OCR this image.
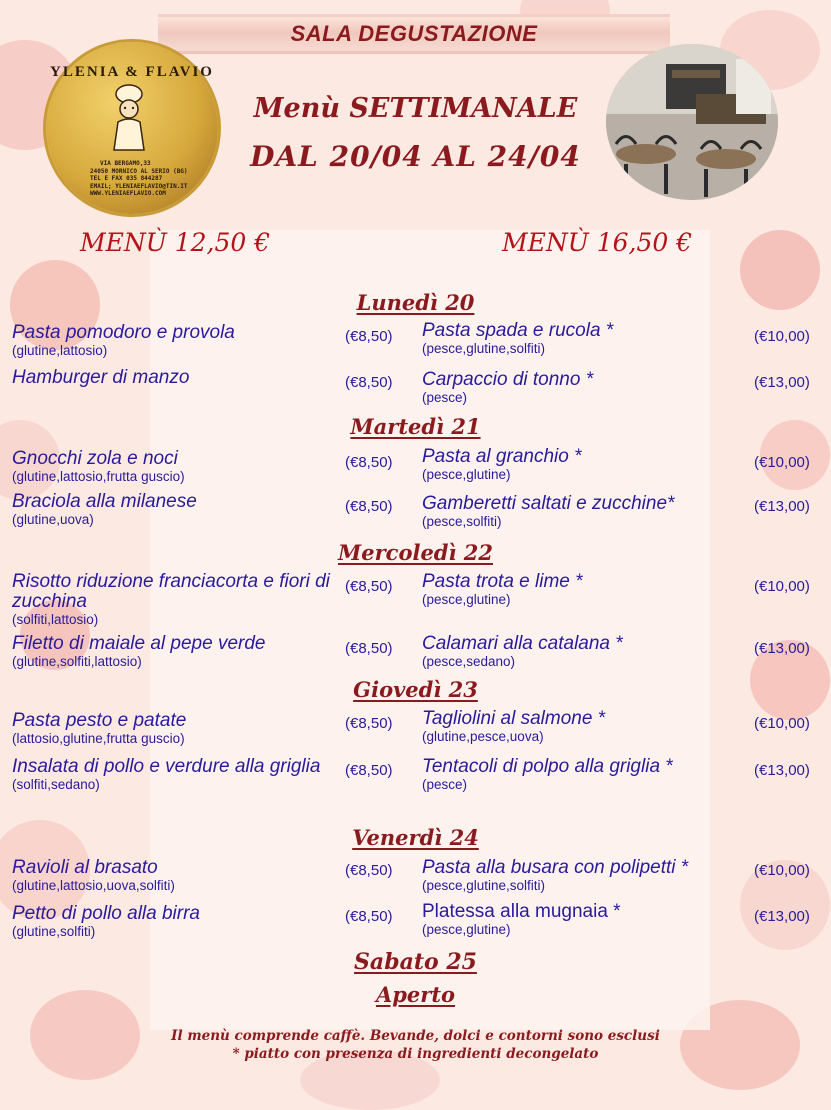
SALA DEGUSTAZIONE
YLENIA & FLAVIO
VIA BERGAMO,33
24050 MORNICO AL SERIO (BG)
TEL E FAX 035 844287
EMAIL; YLENIAEFLAVIO@TIN.IT
WWW.YLENIAEFLAVIO.COM
Menù SETTIMANALE
DAL 20/04 AL 24/04
MENÙ 12,50 €	MENÙ 16,50 €
Lunedì 20
Pasta pomodoro e provola
(glutine,lattosio)
(€8,50) Pasta spada e rucola *
(pesce,glutine,solfiti)
(€10,00)
Hamburger di manzo	(€8,50) Carpaccio di tonno *
(pesce)
(€13,00)
Martedì 21
Gnocchi zola e noci
(glutine,lattosio,frutta guscio)
(€8,50) Pasta al granchio *
(pesce,glutine)
(€10,00)
Braciola alla milanese
(glutine,uova)
(€8,50) Gamberetti saltati e zucchine*
(pesce,solfiti)
(€13,00)
Mercoledì 22
Risotto riduzione franciacorta e fiori di zucchina
(solfiti,lattosio)
(€8,50) Pasta trota e lime *
(pesce,glutine)
(€10,00)
Filetto di maiale al pepe verde
(glutine,solfiti,lattosio)
(€8,50) Calamari alla catalana *
(pesce,sedano)
(€13,00)
Giovedì 23
Pasta pesto e patate
(lattosio,glutine,frutta guscio)
(€8,50) Tagliolini al salmone *
(glutine,pesce,uova)
(€10,00)
Insalata di pollo e verdure alla griglia
(solfiti,sedano)
(€8,50) Tentacoli di polpo alla griglia *
(pesce)
(€13,00)
Venerdì 24
Ravioli al brasato
(glutine,lattosio,uova,solfiti)
(€8,50) Pasta alla busara con polipetti *
(pesce,glutine,solfiti)
(€10,00)
Petto di pollo alla birra
(glutine,solfiti)
(€8,50) Platessa alla mugnaia *
(pesce,glutine)
(€13,00)
Sabato 25
Aperto
Il menù comprende caffè. Bevande, dolci e contorni sono esclusi
* piatto con presenza di ingredienti decongelato
